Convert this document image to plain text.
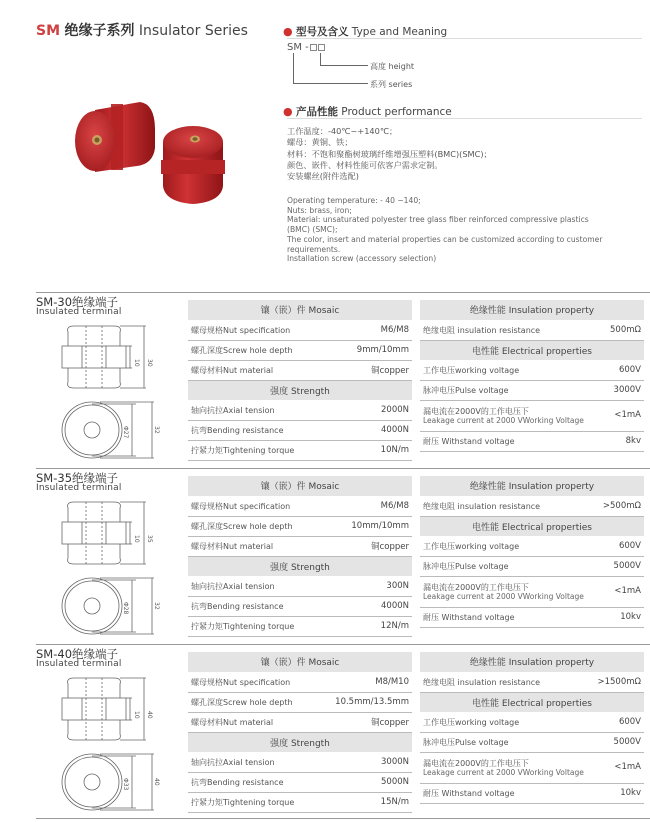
SM 绝缘子系列 Insulator Series	● 型号及含义 Type and Meaning
SM -
高度 height
系列 series
● 产品性能 Product performance
工作温度：-40℃~+140℃；
螺母：黄铜、铁；
材料：不饱和聚酯树玻璃纤维增强压塑料(BMC)(SMC)；
颜色、嵌件、材料性能可依客户需求定制。
安装螺丝(附件选配)
Operating temperature: - 40 ~140;
Nuts: brass, iron;
Material: unsaturated polyester tree glass fiber reinforced compressive plastics
(BMC) (SMC);
The color, insert and material properties can be customized according to customer
requirements.
Installation screw (accessory selection)
SM-30绝缘端子
Insulated terminal
10 30
Φ27	32
镶（嵌）件 Mosaic	
螺母规格Nut specification	M6/M8
螺孔深度Screw hole depth	9mm/10mm
螺母材料Nut material	铜copper
强度 Strength	
轴向抗拉Axial tension	2000N
抗弯Bending resistance	4000N
拧紧力矩Tightening torque	10N/m
绝缘性能 Insulation property	
绝缘电阻 insulation resistance	500mΩ
电性能 Electrical properties	
工作电压working voltage	600V
脉冲电压Pulse voltage	3000V

漏电流在2000V的工作电压下
Leakage current at 2000 VWorking Voltage	<1mA
耐压 Withstand voltage	8kv
SM-35绝缘端子
Insulated terminal
10 35
Φ28	32
镶（嵌）件 Mosaic	
螺母规格Nut specification	M6/M8
螺孔深度Screw hole depth	10mm/10mm
螺母材料Nut material	铜copper
强度 Strength	
轴向抗拉Axial tension	300N
抗弯Bending resistance	4000N
拧紧力矩Tightening torque	12N/m
绝缘性能 Insulation property	
绝缘电阻 insulation resistance	>500mΩ
电性能 Electrical properties	
工作电压working voltage	600V
脉冲电压Pulse voltage	5000V

漏电流在2000V的工作电压下
Leakage current at 2000 VWorking Voltage	<1mA
耐压 Withstand voltage	10kv
SM-40绝缘端子
Insulated terminal
10 40
Φ33	40
镶（嵌）件 Mosaic	
螺母规格Nut specification	M8/M10
螺孔深度Screw hole depth	10.5mm/13.5mm
螺母材料Nut material	铜copper
强度 Strength	
轴向抗拉Axial tension	3000N
抗弯Bending resistance	5000N
拧紧力矩Tightening torque	15N/m
绝缘性能 Insulation property	
绝缘电阻 insulation resistance	>1500mΩ
电性能 Electrical properties	
工作电压working voltage	600V
脉冲电压Pulse voltage	5000V

漏电流在2000V的工作电压下
Leakage current at 2000 VWorking Voltage	<1mA
耐压 Withstand voltage	10kv
